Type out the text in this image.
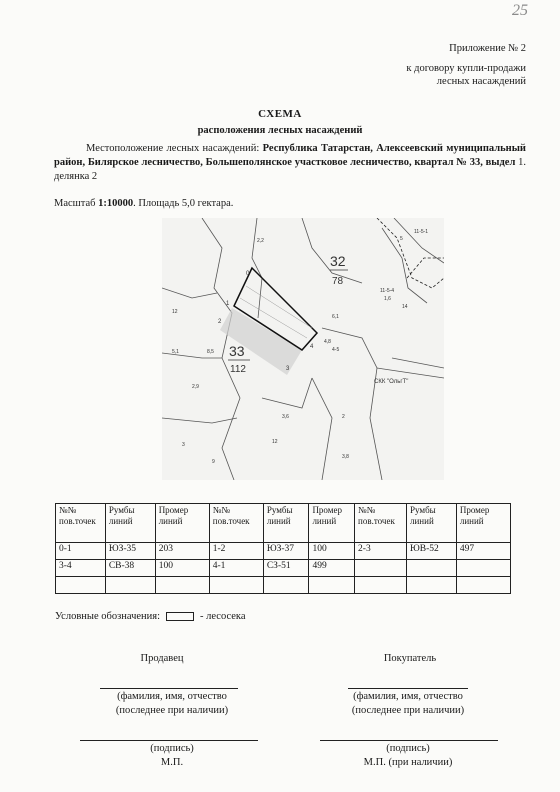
25
Приложение № 2
к договору купли-продажи
лесных насаждений
СХЕМА
расположения лесных насаждений
Местоположение лесных насаждений: Республика Татарстан, Алексеевский муниципальный район, Билярское лесничество, Большеполянское участковое лесничество, квартал № 33, выдел 1. делянка 2
Масштаб 1:10000. Площадь 5,0 гектара.
32
78
33
112
0
1
2
3
4
СКК "ОльгТ"
11-5-4
1,6
11-5-1
12
5,1
4,8
4-5
8,5
3
9
5
2
3,8
12
2,9
6,1
3,6
2,2
14
№№ пов.точек	Румбы линий	Промер линий	№№ пов.точек	Румбы линий	Промер линий	№№ пов.точек	Румбы линий	Промер линий
0-1	ЮЗ-35	203	1-2	ЮЗ-37	100	2-3	ЮВ-52	497
3-4	СВ-38	100	4-1	СЗ-51	499			

Условные обозначения:	- лесосека
Продавец
(фамилия, имя, отчество
(последнее при наличии)
(подпись)
М.П.
Покупатель
(фамилия, имя, отчество
(последнее при наличии)
(подпись)
М.П. (при наличии)
